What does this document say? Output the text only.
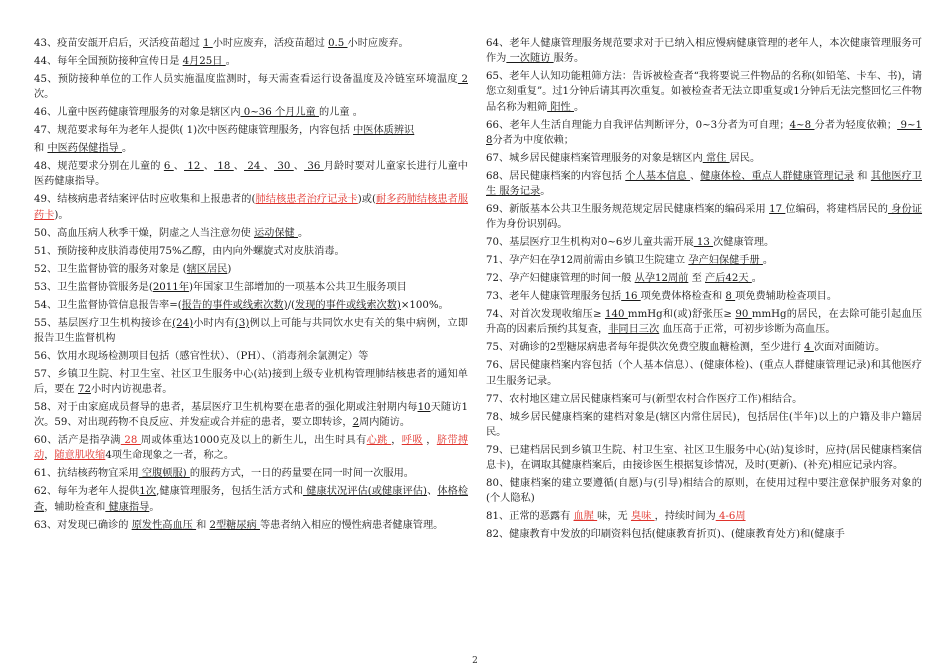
43、疫苗安瓿开启后，灭活疫苗超过 1 小时应废弃，活疫苗超过 0.5 小时应废弃。

44、每年全国预防接种宣传日是 4月25日 。

45、预防接种单位的工作人员实施温度监测时，每天需查看运行设备温度及冷链室环境温度 2 次。

46、儿童中医药健康管理服务的对象是辖区内 0~36 个月儿童 的儿童 。

47、规范要求每年为老年人提供( 1)次中医药健康管理服务，内容包括 中医体质辨识

和 中医药保健指导 。

48、规范要求分别在儿童的 6 、 12 、 18 、 24 、 30 、 36 月龄时要对儿童家长进行儿童中医药健康指导。

49、结核病患者结案评估时应收集和上报患者的(肺结核患者治疗记录卡)或(耐多药肺结核患者服药卡)。

50、高血压病人秋季干燥，阴虚之人当注意勿使 运动保健 。

51、预防接种皮肤消毒使用75%乙醇，由内向外螺旋式对皮肤消毒。

52、卫生监督协管的服务对象是 (辖区居民)

53、卫生监督协管服务是(2011年)年国家卫生部增加的一项基本公共卫生服务项目

54、卫生监督协管信息报告率=(报告的事件或线索次数)/(发现的事件或线索次数)×100%。

55、基层医疗卫生机构接诊在(24)小时内有(3)例以上可能与共同饮水史有关的集中病例，立即报告卫生监督机构

56、饮用水现场检测项目包括（感官性状）、（PH）、（消毒剂余氯测定）等

57、乡镇卫生院、村卫生室、社区卫生服务中心(站)接到上级专业机构管理肺结核患者的通知单后，要在 72小时内访视患者。

58、对于由家庭成员督导的患者，基层医疗卫生机构要在患者的强化期或注射期内每10天随访1次。59、对出现药物不良反应、并发症或合并症的患者，要立即转诊，2周内随访。

60、活产是指孕满 28 周或体重达1000克及以上的新生儿，出生时具有心跳 ，呼吸 ，脐带搏动，随意肌收缩4项生命现象之一者，称之。

61、抗结核药物宜采用 空腹顿服) 的服药方式，一日的药量要在同一时间一次服用。

62、每年为老年人提供1次,健康管理服务，包括生活方式和 健康状况评估(或健康评估)、体格检查，辅助检查和 健康指导。

63、对发现已确诊的 原发性高血压 和 2型糖尿病 等患者纳入相应的慢性病患者健康管理。

64、老年人健康管理服务规范要求对于已纳入相应慢病健康管理的老年人，本次健康管理服务可作为 一次随访 服务。

65、老年人认知功能粗筛方法：告诉被检查者“我将要说三件物品的名称(如铅笔、卡车、书)，请您立刻重复”。过1分钟后请其再次重复。如被检查者无法立即重复或1分钟后无法完整回忆三件物品名称为粗筛 阳性 。

66、老年人生活自理能力自我评估判断评分，0~3分者为可自理；4~8 分者为轻度依赖； 9~18分者为中度依赖；

67、城乡居民健康档案管理服务的对象是辖区内 常住 居民。

68、居民健康档案的内容包括 个人基本信息 、健康体检、重点人群健康管理记录 和 其他医疗卫生 服务记录。

69、新版基本公共卫生服务规范规定居民健康档案的编码采用 17 位编码，将建档居民的 身份证 作为身份识别码。

70、基层医疗卫生机构对0~6岁儿童共需开展 13 次健康管理。

71、孕产妇在孕12周前需由乡镇卫生院建立 孕产妇保健手册 。

72、孕产妇健康管理的时间一般 从孕12周前 至 产后42天 。

73、老年人健康管理服务包括 16 项免费体格检查和 8 项免费辅助检查项目。

74、对首次发现收缩压≥ 140 mmHg和(或)舒张压≥ 90 mmHg的居民，在去除可能引起血压升高的因素后预约其复查，非同日三次 血压高于正常，可初步诊断为高血压。

75、对确诊的2型糖尿病患者每年提供次免费空腹血糖检测，至少进行 4 次面对面随访。

76、居民健康档案内容包括（个人基本信息）、(健康体检)、(重点人群健康管理记录)和其他医疗卫生服务记录。

77、农村地区建立居民健康档案可与(新型农村合作医疗工作)相结合。

78、城乡居民健康档案的建档对象是(辖区内常住居民)，包括居住(半年)以上的户籍及非户籍居民。

79、已建档居民到乡镇卫生院、村卫生室、社区卫生服务中心(站)复诊时，应持(居民健康档案信息卡)，在调取其健康档案后，由接诊医生根据复诊情况，及时(更新)、(补充)相应记录内容。

80、健康档案的建立要遵循(自愿)与(引导)相结合的原则，在使用过程中要注意保护服务对象的(个人隐私)

81、正常的恶露有 血腥 味，无 臭味 ，持续时间为 4-6周

82、健康教育中发放的印刷资料包括(健康教育折页)、(健康教育处方)和(健康手

2
